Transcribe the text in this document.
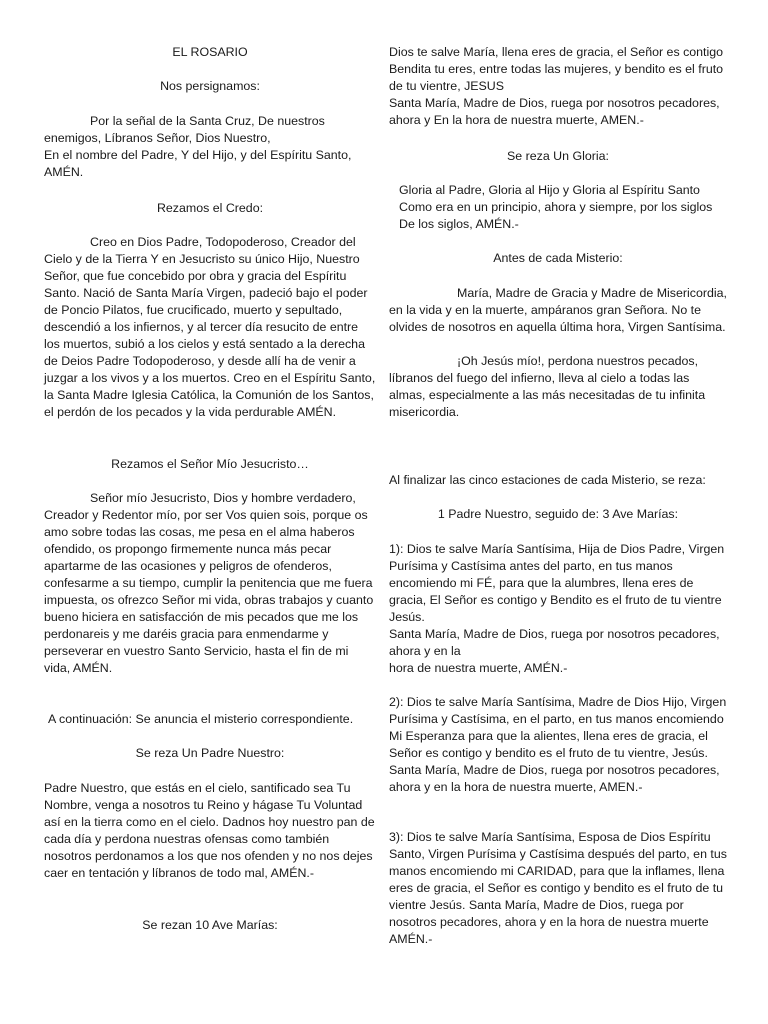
EL ROSARIO

Nos persignamos:

Por la señal de la Santa Cruz, De nuestros enemigos, Líbranos Señor, Dios Nuestro,
En el nombre del Padre, Y del Hijo, y del Espíritu Santo, AMÉN.

Rezamos el Credo:

Creo en Dios Padre, Todopoderoso, Creador del Cielo y de la Tierra Y en Jesucristo su único Hijo, Nuestro Señor, que fue concebido por obra y gracia del Espíritu Santo. Nació de Santa María Virgen, padeció bajo el poder de Poncio Pilatos, fue crucificado, muerto y sepultado, descendió a los infiernos, y al tercer día resucito de entre los muertos, subió a los cielos y está sentado a la derecha de Deios Padre Todopoderoso, y desde allí ha de venir a juzgar a los vivos y a los muertos. Creo en el Espíritu Santo, la Santa Madre Iglesia Católica, la Comunión de los Santos, el perdón de los pecados y la vida perdurable AMÉN.

Rezamos el Señor Mío Jesucristo…

Señor mío Jesucristo, Dios y hombre verdadero, Creador y Redentor mío, por ser Vos quien sois, porque os amo sobre todas las cosas, me pesa en el alma haberos ofendido, os propongo firmemente nunca más pecar apartarme de las ocasiones y peligros de ofenderos, confesarme a su tiempo, cumplir la penitencia que me fuera impuesta, os ofrezco Señor mi vida, obras trabajos y cuanto bueno hiciera en satisfacción de mis pecados que me los perdonareis y me daréis gracia para enmendarme y perseverar en vuestro Santo Servicio, hasta el fin de mi vida, AMÉN.

A continuación: Se anuncia el misterio correspondiente.

Se reza Un Padre Nuestro:

Padre Nuestro, que estás en el cielo, santificado sea Tu Nombre, venga a nosotros tu Reino y hágase Tu Voluntad así en la tierra como en el cielo. Dadnos hoy nuestro pan de cada día y perdona nuestras ofensas como también nosotros perdonamos a los que nos ofenden y no nos dejes caer en tentación y líbranos de todo mal, AMÉN.-

Se rezan 10 Ave Marías:

Dios te salve María, llena eres de gracia, el Señor es contigo Bendita tu eres, entre todas las mujeres, y bendito es el fruto de tu vientre, JESUS
Santa María, Madre de Dios, ruega por nosotros pecadores, ahora y En la hora de nuestra muerte, AMEN.-

Se reza Un Gloria:

Gloria al Padre, Gloria al Hijo y Gloria al Espíritu Santo
Como era en un principio, ahora y siempre, por los siglos De los siglos, AMÉN.-

Antes de cada Misterio:

María, Madre de Gracia y Madre de Misericordia, en la vida y en la muerte, ampáranos gran Señora. No te olvides de nosotros en aquella última hora, Virgen Santísima.

¡Oh Jesús mío!, perdona nuestros pecados, líbranos del fuego del infierno, lleva al cielo a todas las almas, especialmente a las más necesitadas de tu infinita misericordia.

Al finalizar las cinco estaciones de cada Misterio, se reza:

1 Padre Nuestro, seguido de: 3 Ave Marías:

1): Dios te salve María Santísima, Hija de Dios Padre, Virgen Purísima y Castísima antes del parto, en tus manos encomiendo mi FÉ, para que la alumbres, llena eres de gracia, El Señor es contigo y Bendito es el fruto de tu vientre Jesús.
Santa María, Madre de Dios, ruega por nosotros pecadores, ahora y en la
hora de nuestra muerte, AMÉN.-

2): Dios te salve María Santísima, Madre de Dios Hijo, Virgen Purísima y Castísima, en el parto, en tus manos encomiendo Mi Esperanza para que la alientes, llena eres de gracia, el Señor es contigo y bendito es el fruto de tu vientre, Jesús. Santa María, Madre de Dios, ruega por nosotros pecadores, ahora y en la hora de nuestra muerte, AMEN.-

3): Dios te salve María Santísima, Esposa de Dios Espíritu Santo, Virgen Purísima y Castísima después del parto, en tus manos encomiendo mi CARIDAD, para que la inflames, llena eres de gracia, el Señor es contigo y bendito es el fruto de tu vientre Jesús. Santa María, Madre de Dios, ruega por nosotros pecadores, ahora y en la hora de nuestra muerte AMÉN.-
